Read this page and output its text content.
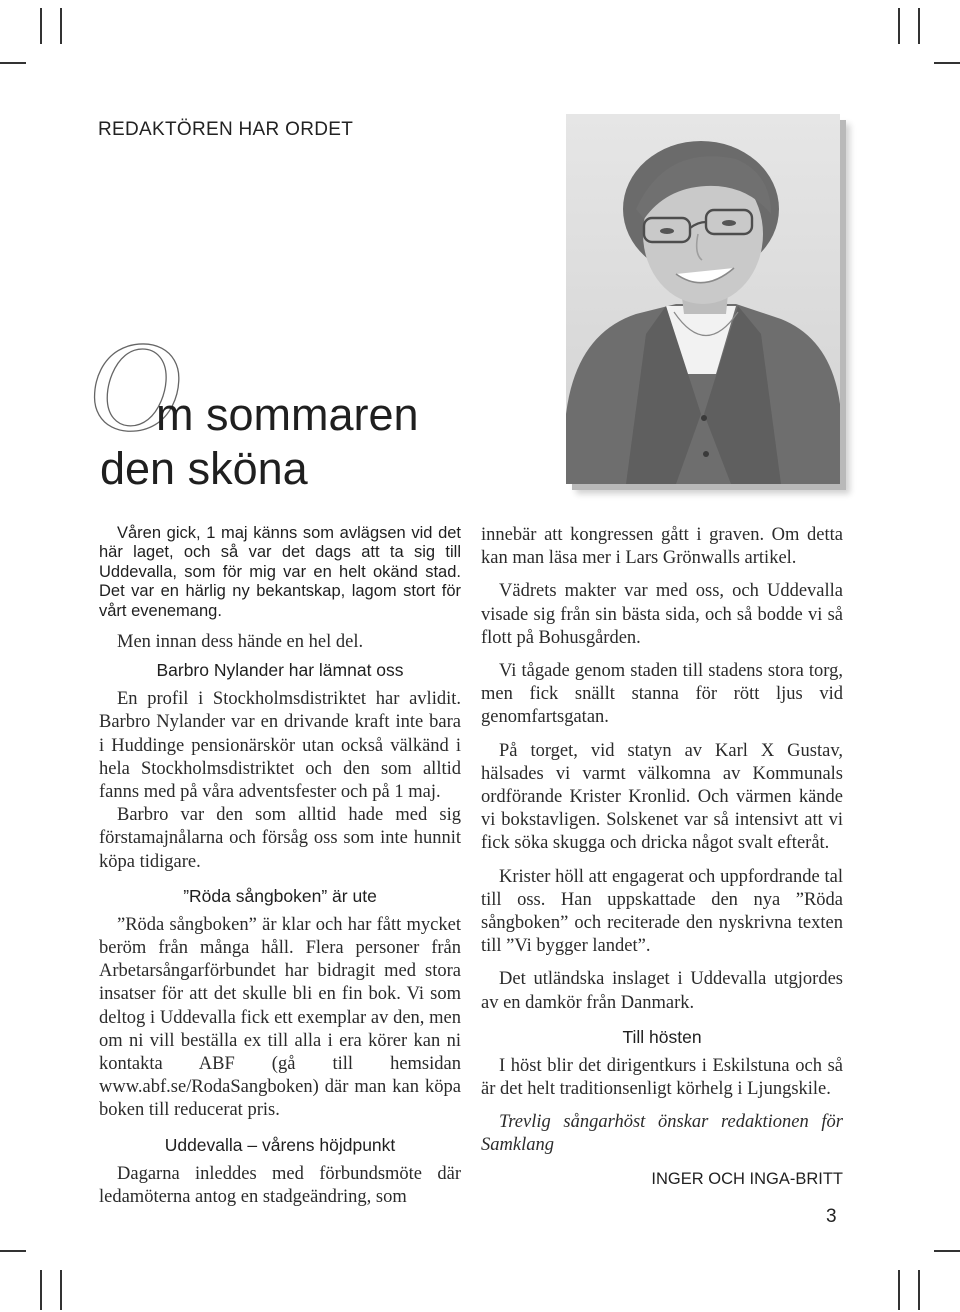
REDAKTÖREN HAR ORDET
O
m sommaren
den sköna

Våren gick, 1 maj känns som avlägsen vid det här laget, och så var det dags att ta sig till Uddevalla, som för mig var en helt okänd stad. Det var en härlig ny bekantskap, lagom stort för vårt evenemang.

Men innan dess hände en hel del.

Barbro Nylander har lämnat oss

En profil i Stockholmsdistriktet har avlidit. Barbro Nylander var en drivande kraft inte bara i Huddinge pensionärskör utan också välkänd i hela Stockholmsdistriktet och den som alltid fanns med på våra adventsfester och på 1 maj.

Barbro var den som alltid hade med sig förstamajnålarna och försåg oss som inte hunnit köpa tidigare.

”Röda sångboken” är ute

”Röda sångboken” är klar och har fått mycket beröm från många håll. Flera personer från Arbetarsångarförbundet har bidragit med stora insatser för att det skulle bli en fin bok. Vi som deltog i Uddevalla fick ett exemplar av den, men om ni vill beställa ex till alla i era körer kan ni kontakta ABF (gå till hemsidan www.abf.se/RodaSangboken) där man kan köpa boken till reducerat pris.

Uddevalla – vårens höjdpunkt

Dagarna inleddes med förbundsmöte där ledamöterna antog en stadgeändring, som

innebär att kongressen gått i graven. Om detta kan man läsa mer i Lars Grönwalls artikel.

Vädrets makter var med oss, och Uddevalla visade sig från sin bästa sida, och så bodde vi så flott på Bohusgården.

Vi tågade genom staden till stadens stora torg, men fick snällt stanna för rött ljus vid genomfartsgatan.

På torget, vid statyn av Karl X Gustav, hälsades vi varmt välkomna av Kommunals ordförande Krister Kronlid. Och värmen kände vi bokstavligen. Solskenet var så intensivt att vi fick söka skugga och dricka något svalt efteråt.

Krister höll att engagerat och uppfordrande tal till oss. Han uppskattade den nya ”Röda sångboken” och reciterade den nyskrivna texten till ”Vi bygger landet”.

Det utländska inslaget i Uddevalla utgjordes av en damkör från Danmark.

Till hösten

I höst blir det dirigentkurs i Eskilstuna och så är det helt traditionsenligt körhelg i Ljungskile.

Trevlig sångarhöst önskar redaktionen för Samklang

INGER OCH INGA-BRITT
3
